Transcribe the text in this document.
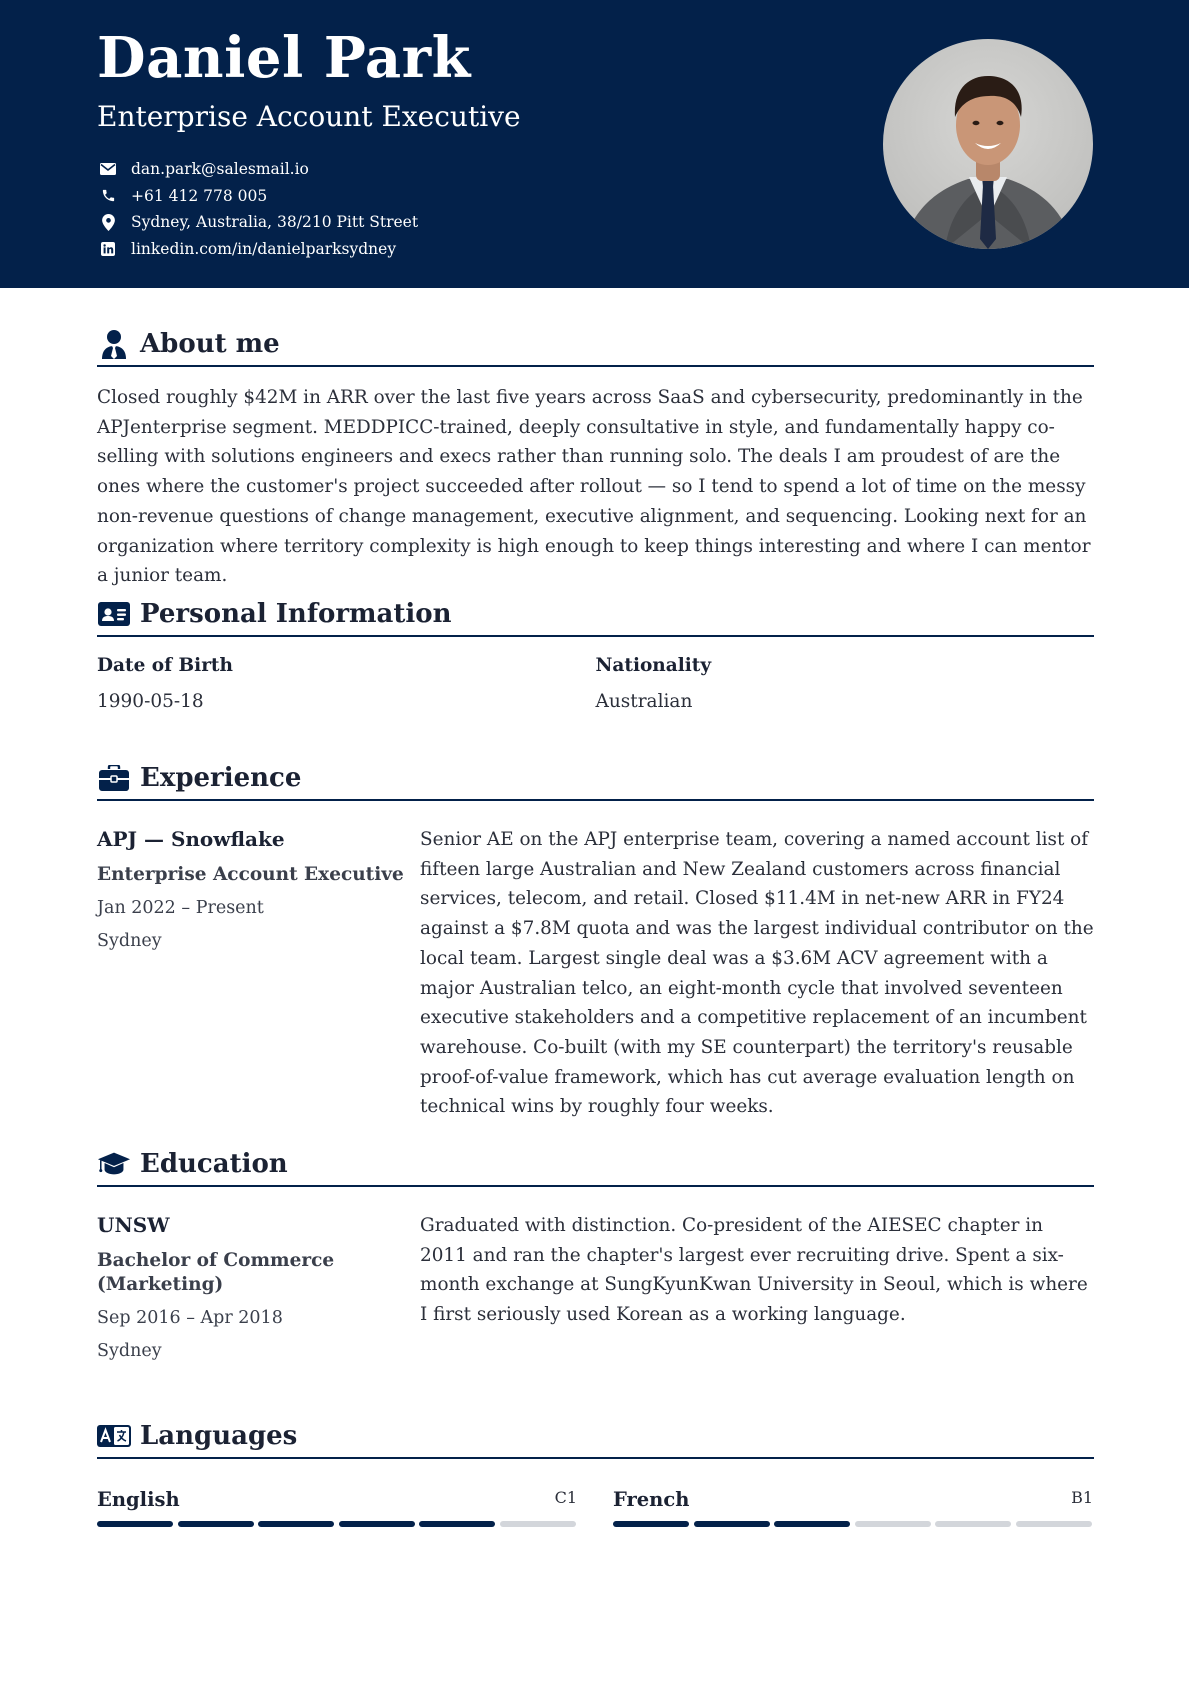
Daniel Park
Enterprise Account Executive
dan.park@salesmail.io
+61 412 778 005
Sydney, Australia, 38/210 Pitt Street
linkedin.com/in/danielparksydney
About me

Closed roughly $42M in ARR over the last five years across SaaS and cybersecurity, predominantly in the APJenterprise segment. MEDDPICC-trained, deeply consultative in style, and fundamentally happy co-selling with solutions engineers and execs rather than running solo. The deals I am proudest of are the ones where the customer's project succeeded after rollout — so I tend to spend a lot of time on the messy non-revenue questions of change management, executive alignment, and sequencing. Looking next for an organization where territory complexity is high enough to keep things interesting and where I can mentor a junior team.

Personal Information
Date of Birth
1990-05-18
Nationality
Australian
Experience
APJ — Snowflake
Enterprise Account Executive
Jan 2022 – Present
Sydney

Senior AE on the APJ enterprise team, covering a named account list of fifteen large Australian and New Zealand customers across financial services, telecom, and retail. Closed $11.4M in net-new ARR in FY24 against a $7.8M quota and was the largest individual contributor on the local team. Largest single deal was a $3.6M ACV agreement with a major Australian telco, an eight-month cycle that involved seventeen executive stakeholders and a competitive replacement of an incumbent warehouse. Co-built (with my SE counterpart) the territory's reusable proof-of-value framework, which has cut average evaluation length on technical wins by roughly four weeks.

Education
UNSW
Bachelor of Commerce (Marketing)
Sep 2016 – Apr 2018
Sydney

Graduated with distinction. Co-president of the AIESEC chapter in 2011 and ran the chapter's largest ever recruiting drive. Spent a six-month exchange at SungKyunKwan University in Seoul, which is where I first seriously used Korean as a working language.

Languages
English	C1 French	B1
